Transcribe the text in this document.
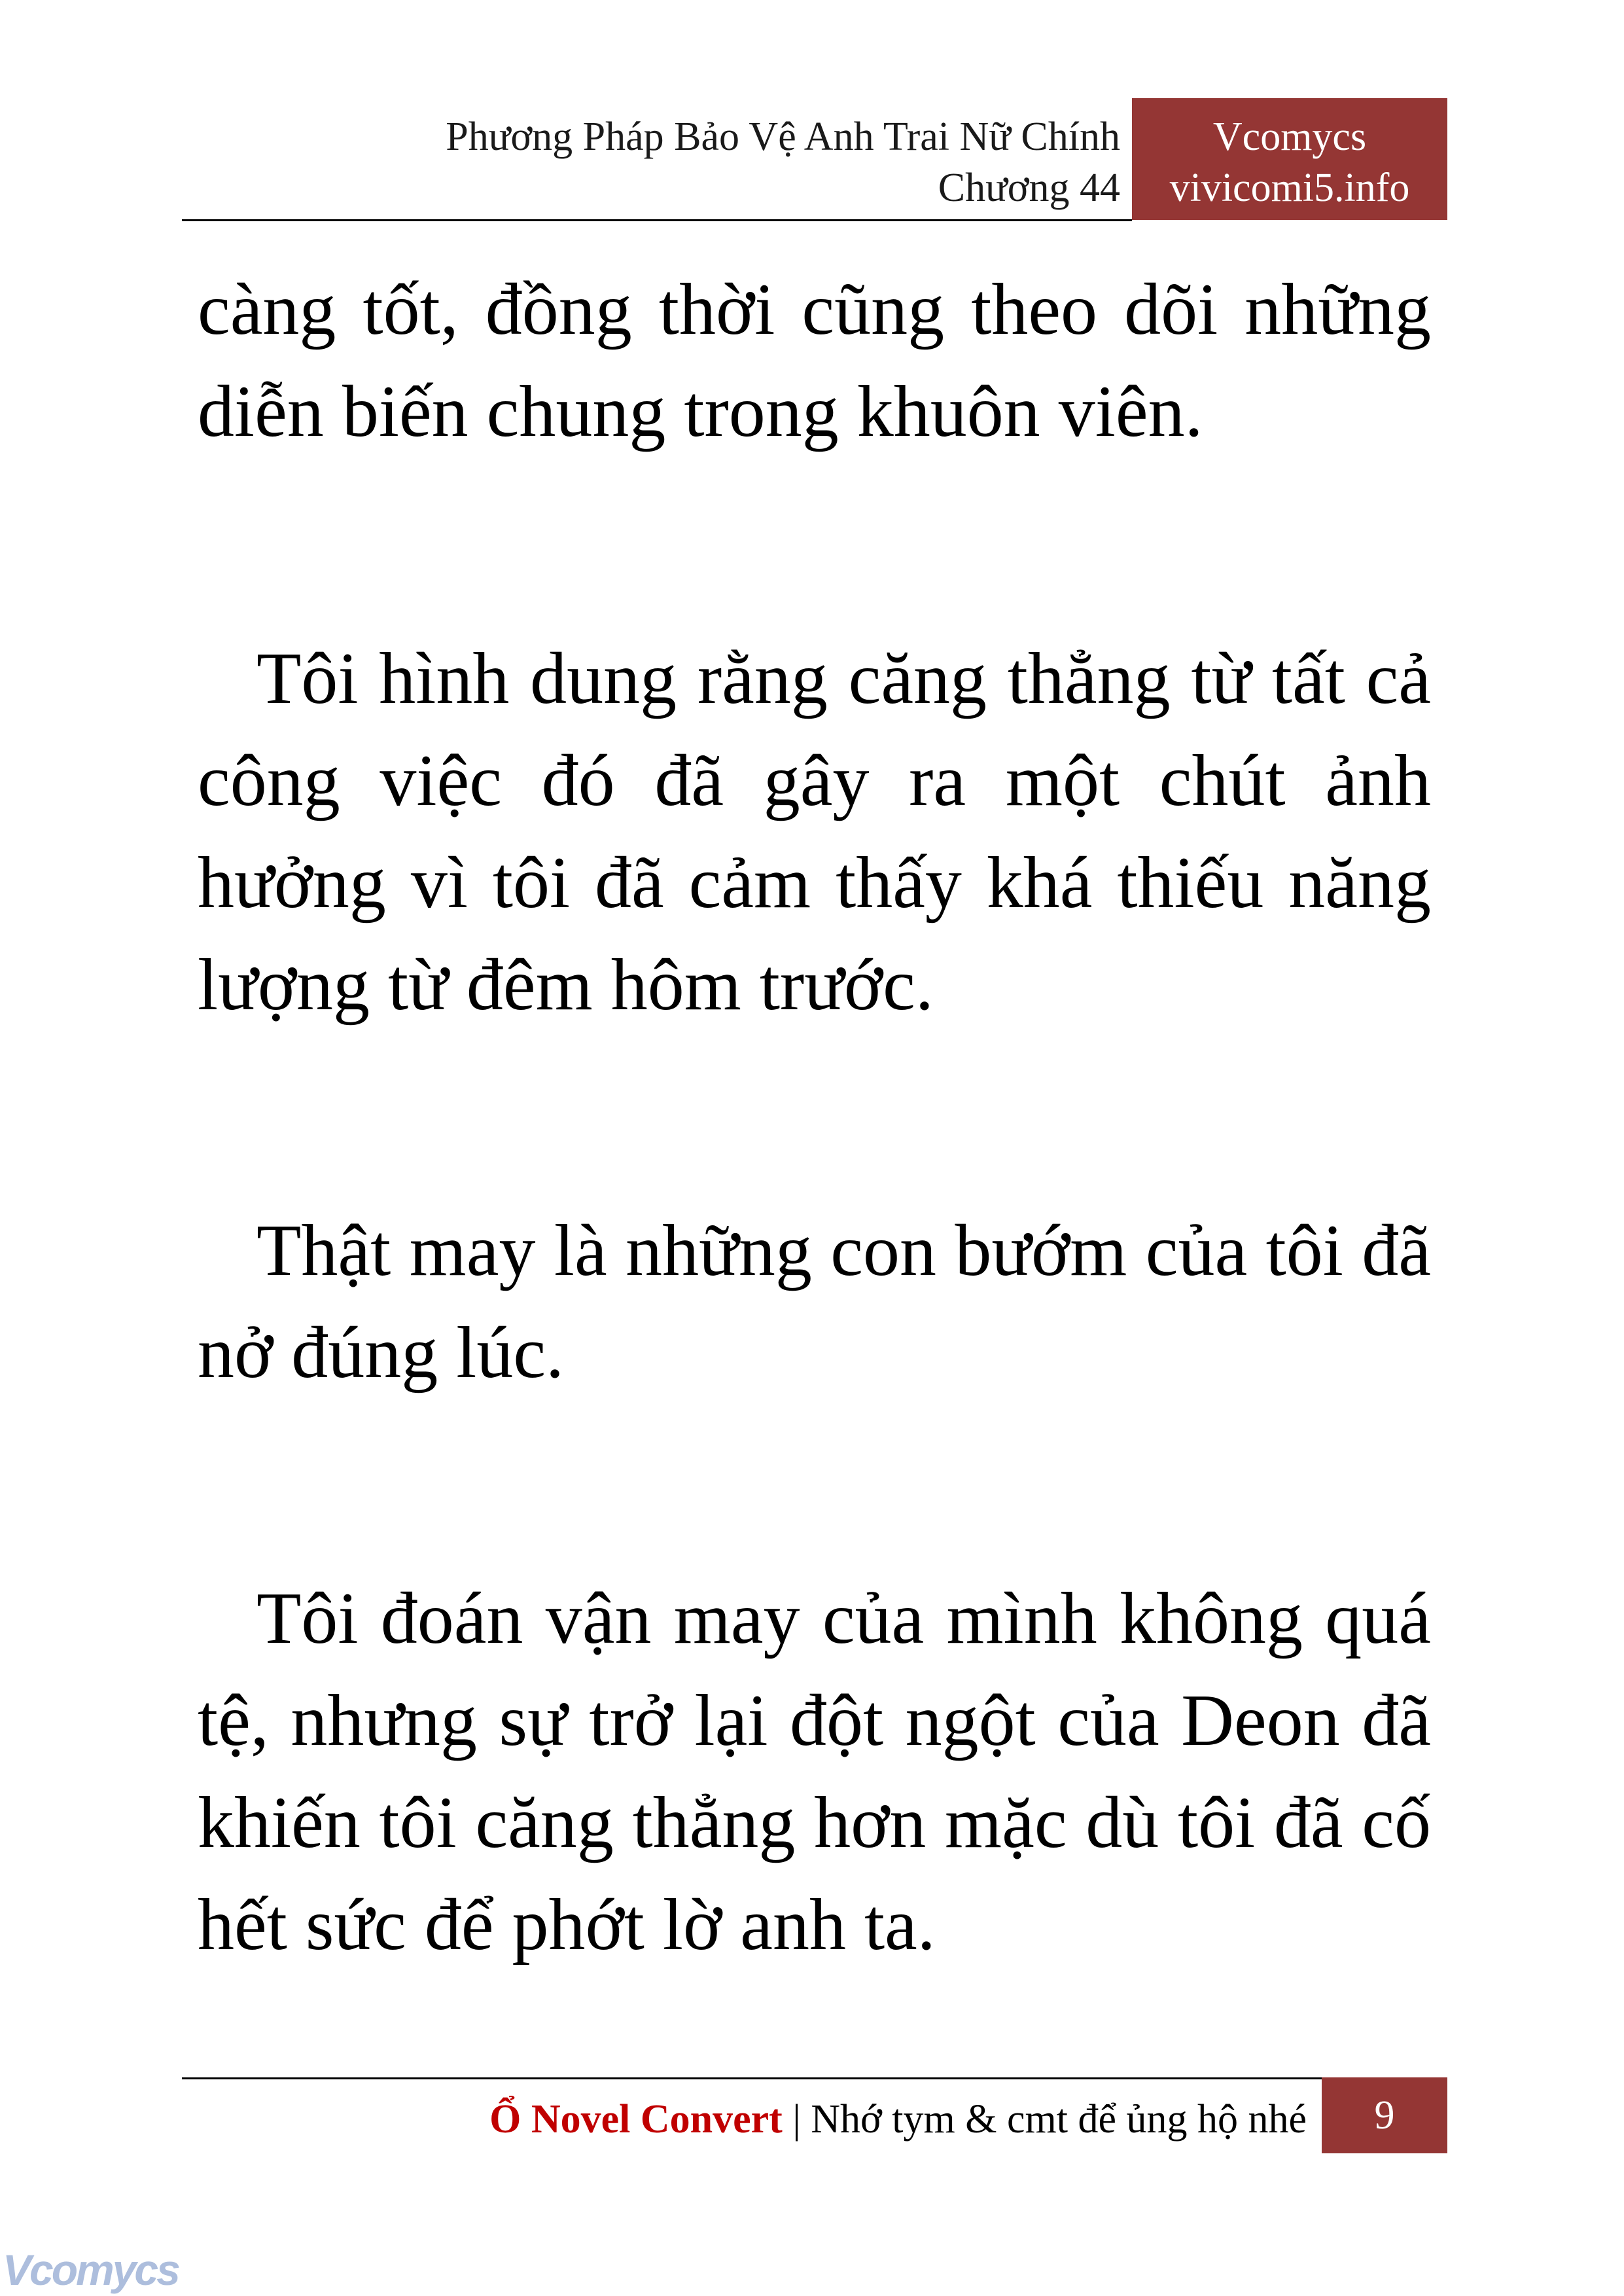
Phương Pháp Bảo Vệ Anh Trai Nữ Chính
Chương 44
Vcomycs
vivicomi5.info

càng tốt, đồng thời cũng theo dõi những diễn biến chung trong khuôn viên.

Tôi hình dung rằng căng thẳng từ tất cả công việc đó đã gây ra một chút ảnh hưởng vì tôi đã cảm thấy khá thiếu năng lượng từ đêm hôm trước.

Thật may là những con bướm của tôi đã nở đúng lúc.

Tôi đoán vận may của mình không quá tệ, nhưng sự trở lại đột ngột của Deon đã khiến tôi căng thẳng hơn mặc dù tôi đã cố hết sức để phớt lờ anh ta.

Ổ Novel Convert | Nhớ tym & cmt để ủng hộ nhé	9
Vcomycs
